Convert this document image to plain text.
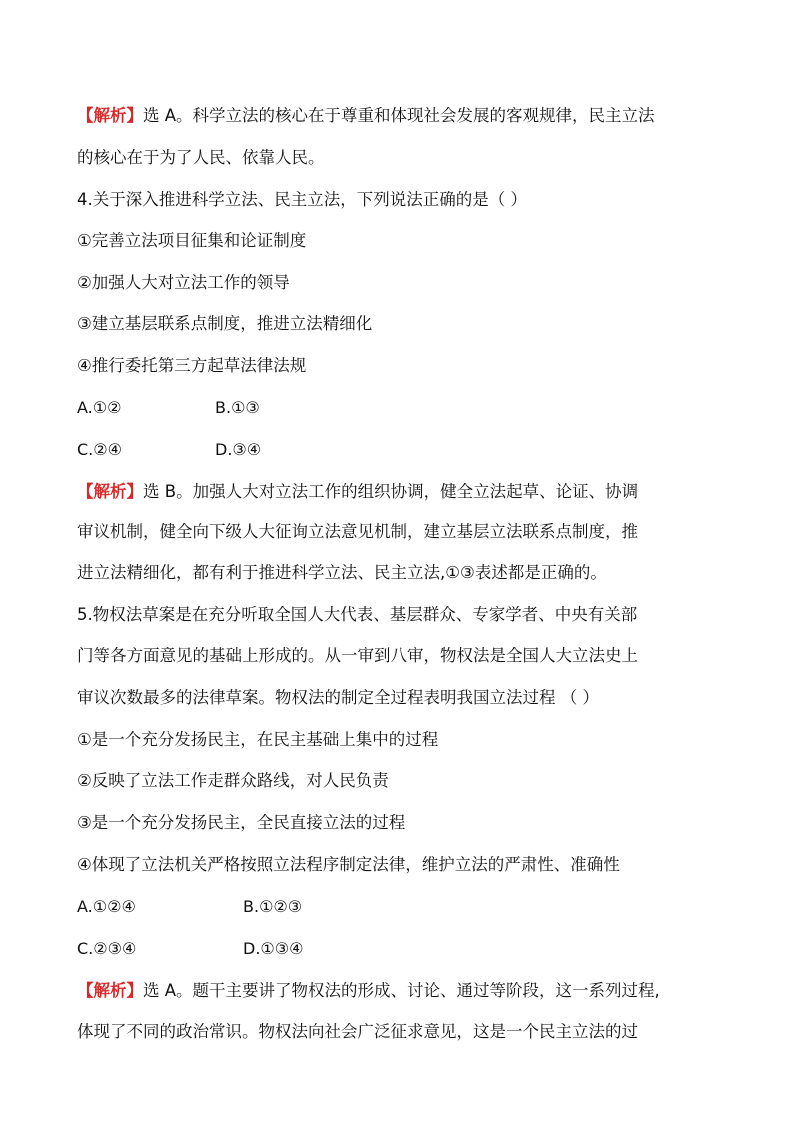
【解析】选 A。科学立法的核心在于尊重和体现社会发展的客观规律，民主立法
的核心在于为了人民、依靠人民。
4.关于深入推进科学立法、民主立法，下列说法正确的是（ ）
①完善立法项目征集和论证制度
②加强人大对立法工作的领导
③建立基层联系点制度，推进立法精细化
④推行委托第三方起草法律法规
A.①②	B.①③
C.②④	D.③④
【解析】选 B。加强人大对立法工作的组织协调，健全立法起草、论证、协调
审议机制，健全向下级人大征询立法意见机制，建立基层立法联系点制度，推
进立法精细化，都有利于推进科学立法、民主立法,①③表述都是正确的。
5.物权法草案是在充分听取全国人大代表、基层群众、专家学者、中央有关部
门等各方面意见的基础上形成的。从一审到八审，物权法是全国人大立法史上
审议次数最多的法律草案。物权法的制定全过程表明我国立法过程 （ ）
①是一个充分发扬民主，在民主基础上集中的过程
②反映了立法工作走群众路线，对人民负责
③是一个充分发扬民主，全民直接立法的过程
④体现了立法机关严格按照立法程序制定法律，维护立法的严肃性、准确性
A.①②④	B.①②③
C.②③④	D.①③④
【解析】选 A。题干主要讲了物权法的形成、讨论、通过等阶段，这一系列过程,
体现了不同的政治常识。物权法向社会广泛征求意见，这是一个民主立法的过
